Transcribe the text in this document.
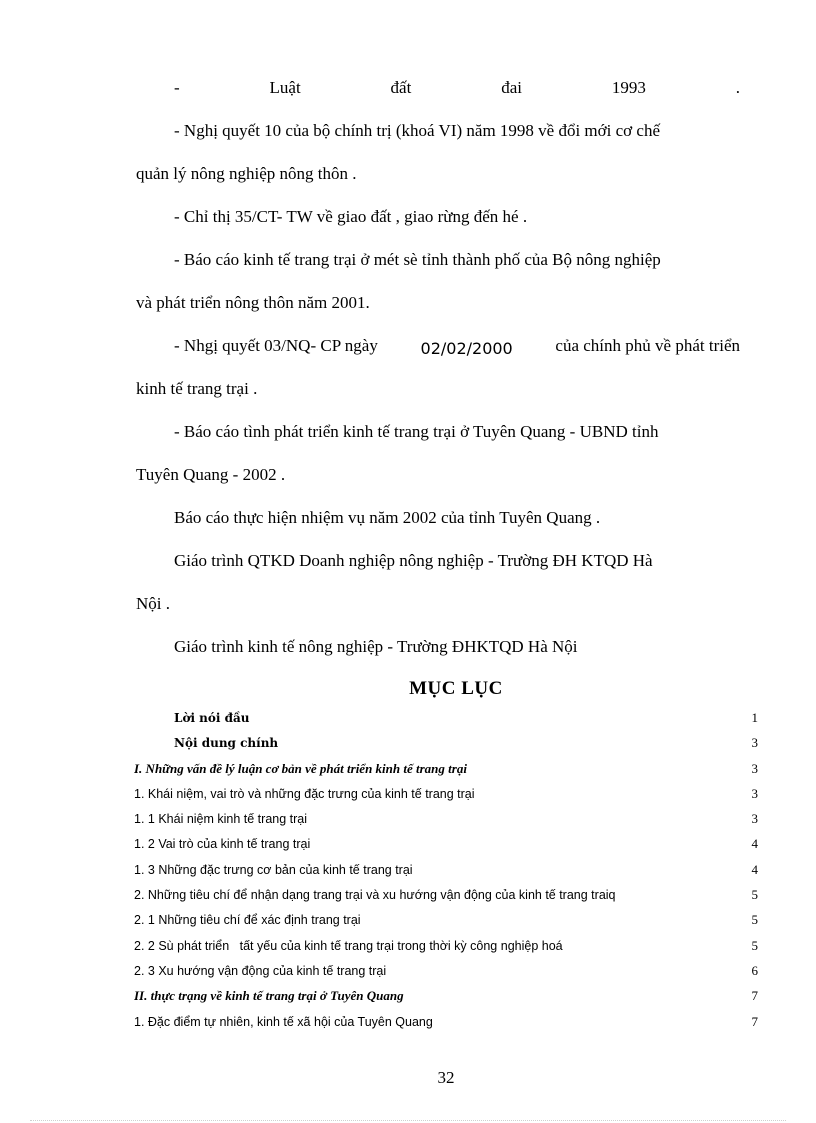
-	Luật	đất	đai	1993	.
- Nghị quyết 10 của bộ chính trị (khoá VI) năm 1998 về đổi mới cơ chế
quản lý nông nghiệp nông thôn .
- Chỉ thị 35/CT- TW về giao đất , giao rừng đến hé .
- Báo cáo kinh tế trang trại ở mét sè tỉnh thành phố của Bộ nông nghiệp
và phát triển nông thôn năm 2001.
- Nhgị quyết 03/NQ- CP ngày	02/02/2000	của chính phủ về phát triển
kinh tế trang trại .
- Báo cáo tình phát triển kinh tế trang trại ở Tuyên Quang - UBND tỉnh
Tuyên Quang - 2002 .
Báo cáo thực hiện nhiệm vụ năm 2002 của tỉnh Tuyên Quang .
Giáo trình QTKD Doanh nghiệp nông nghiệp - Trường ĐH KTQD Hà
Nội .
Giáo trình kinh tế nông nghiệp - Trường ĐHKTQD Hà Nội
MỤC LỤC
Lời nói đầu	1
Nội dung chính	3
I. Những vấn đề lý luận cơ bản về phát triển kinh tế trang trại	3
1. Khái niệm, vai trò và những đặc trưng của kinh tế trang trại	3
1. 1 Khái niệm kinh tế trang trại	3
1. 2 Vai trò của kinh tế trang trại	4
1. 3 Những đặc trưng cơ bản của kinh tế trang trại	4
2. Những tiêu chí để nhận dạng trang trại và xu hướng vận động của kinh tế trang traiq	5
2. 1 Những tiêu chí để xác định trang trại	5
2. 2 Sù phát triển   tất yếu của kinh tế trang trại trong thời kỳ công nghiệp hoá	5
2. 3 Xu hướng vận động của kinh tế trang trại	6
II. thực trạng về kinh tế trang trại ở Tuyên Quang	7
1. Đặc điểm tự nhiên, kinh tế xã hội của Tuyên Quang	7
32
